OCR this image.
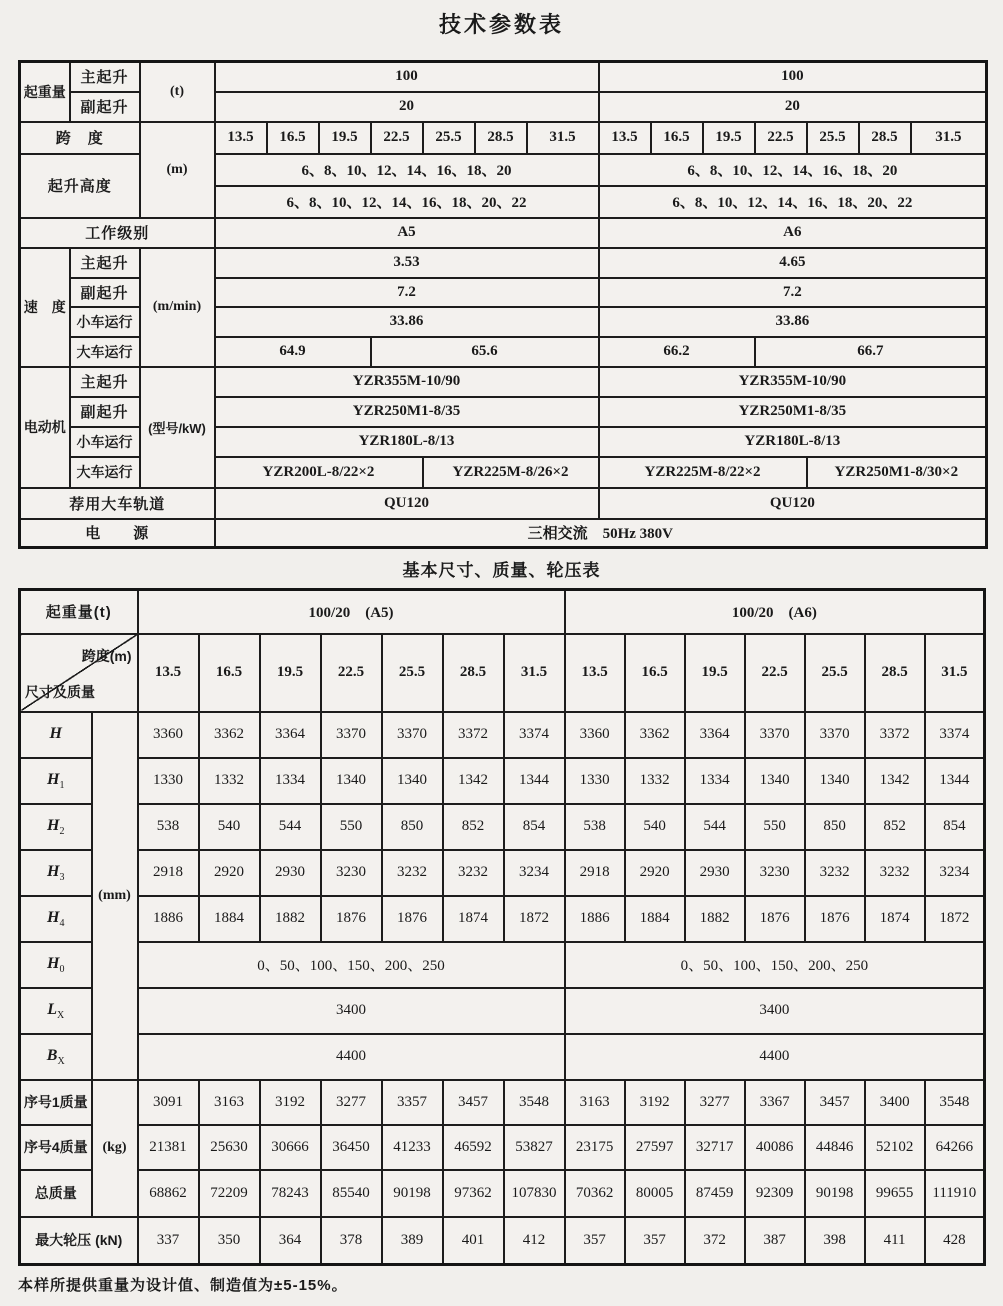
技术参数表
起重量	主起升	(t)	100							100						
	副起升		20							20						
跨　度		(m)	13.5	16.5	19.5	22.5	25.5	28.5	31.5	13.5	16.5	19.5	22.5	25.5	28.5	31.5
起升高度			6、8、10、12、14、16、18、20							6、8、10、12、14、16、18、20						
			6、8、10、12、14、16、18、20、22							6、8、10、12、14、16、18、20、22						
工作级别			A5							A6						
速　度	主起升	(m/min)	3.53							4.65						
	副起升		7.2							7.2						
	小车运行		33.86							33.86						
	大车运行		64.9			65.6				66.2			66.7			
电动机	主起升	(型号/kW)	YZR355M-10/90							YZR355M-10/90						
	副起升		YZR250M1-8/35							YZR250M1-8/35						
	小车运行		YZR180L-8/13							YZR180L-8/13						
	大车运行		YZR200L-8/22×2				YZR225M-8/26×2			YZR225M-8/22×2				YZR250M1-8/30×2		
荐用大车轨道			QU120							QU120						
电　　源			三相交流　50Hz 380V													
基本尺寸、质量、轮压表
起重量(t)		100/20　(A5)							100/20　(A6)						

跨度(m)
尺寸及质量		13.5	16.5	19.5	22.5	25.5	28.5	31.5	13.5	16.5	19.5	22.5	25.5	28.5	31.5
H	(mm)	3360	3362	3364	3370	3370	3372	3374	3360	3362	3364	3370	3370	3372	3374
$H_1$		1330	1332	1334	1340	1340	1342	1344	1330	1332	1334	1340	1340	1342	1344
$H_2$		538	540	544	550	850	852	854	538	540	544	550	850	852	854
$H_3$		2918	2920	2930	3230	3232	3232	3234	2918	2920	2930	3230	3232	3232	3234
$H_4$		1886	1884	1882	1876	1876	1874	1872	1886	1884	1882	1876	1876	1874	1872
$H_0$		0、50、100、150、200、250							0、50、100、150、200、250						
$L_X$		3400							3400						
$B_X$		4400							4400						
序号1质量	(kg)	3091	3163	3192	3277	3357	3457	3548	3163	3192	3277	3367	3457	3400	3548
序号4质量		21381	25630	30666	36450	41233	46592	53827	23175	27597	32717	40086	44846	52102	64266
总质量		68862	72209	78243	85540	90198	97362	107830	70362	80005	87459	92309	90198	99655	111910
最大轮压 (kN)		337	350	364	378	389	401	412	357	357	372	387	398	411	428
本样所提供重量为设计值、制造值为±5-15%。
